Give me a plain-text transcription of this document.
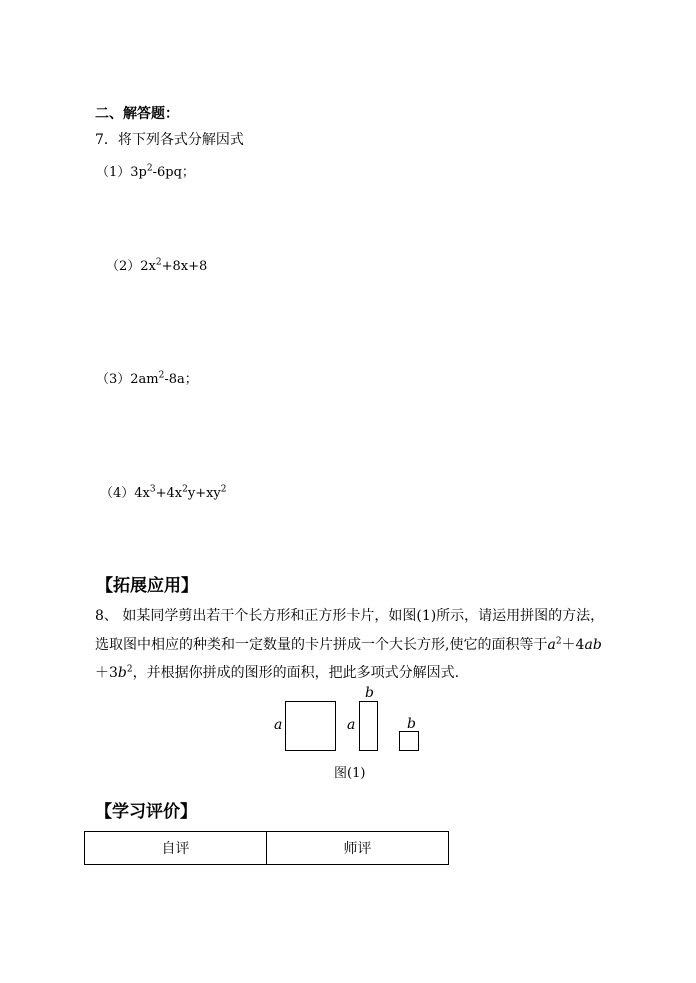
二、解答题：
7．将下列各式分解因式
$(1)3p^2-6pq$；
$(2)2x^2+8x+8$
$(3)2am^2-8a$；
$(4)4x^3+4x^2y+xy^2$
【拓展应用】
8、 如某同学剪出若干个长方形和正方形卡片，如图(1)所示，请运用拼图的方法，
选取图中相应的种类和一定数量的卡片拼成一个大长方形,使它的面积等于$a^2+4ab$
$+3b^2$，并根据你拼成的图形的面积，把此多项式分解因式.
a
b
a	b
图(1)
【学习评价】
自评	师评
